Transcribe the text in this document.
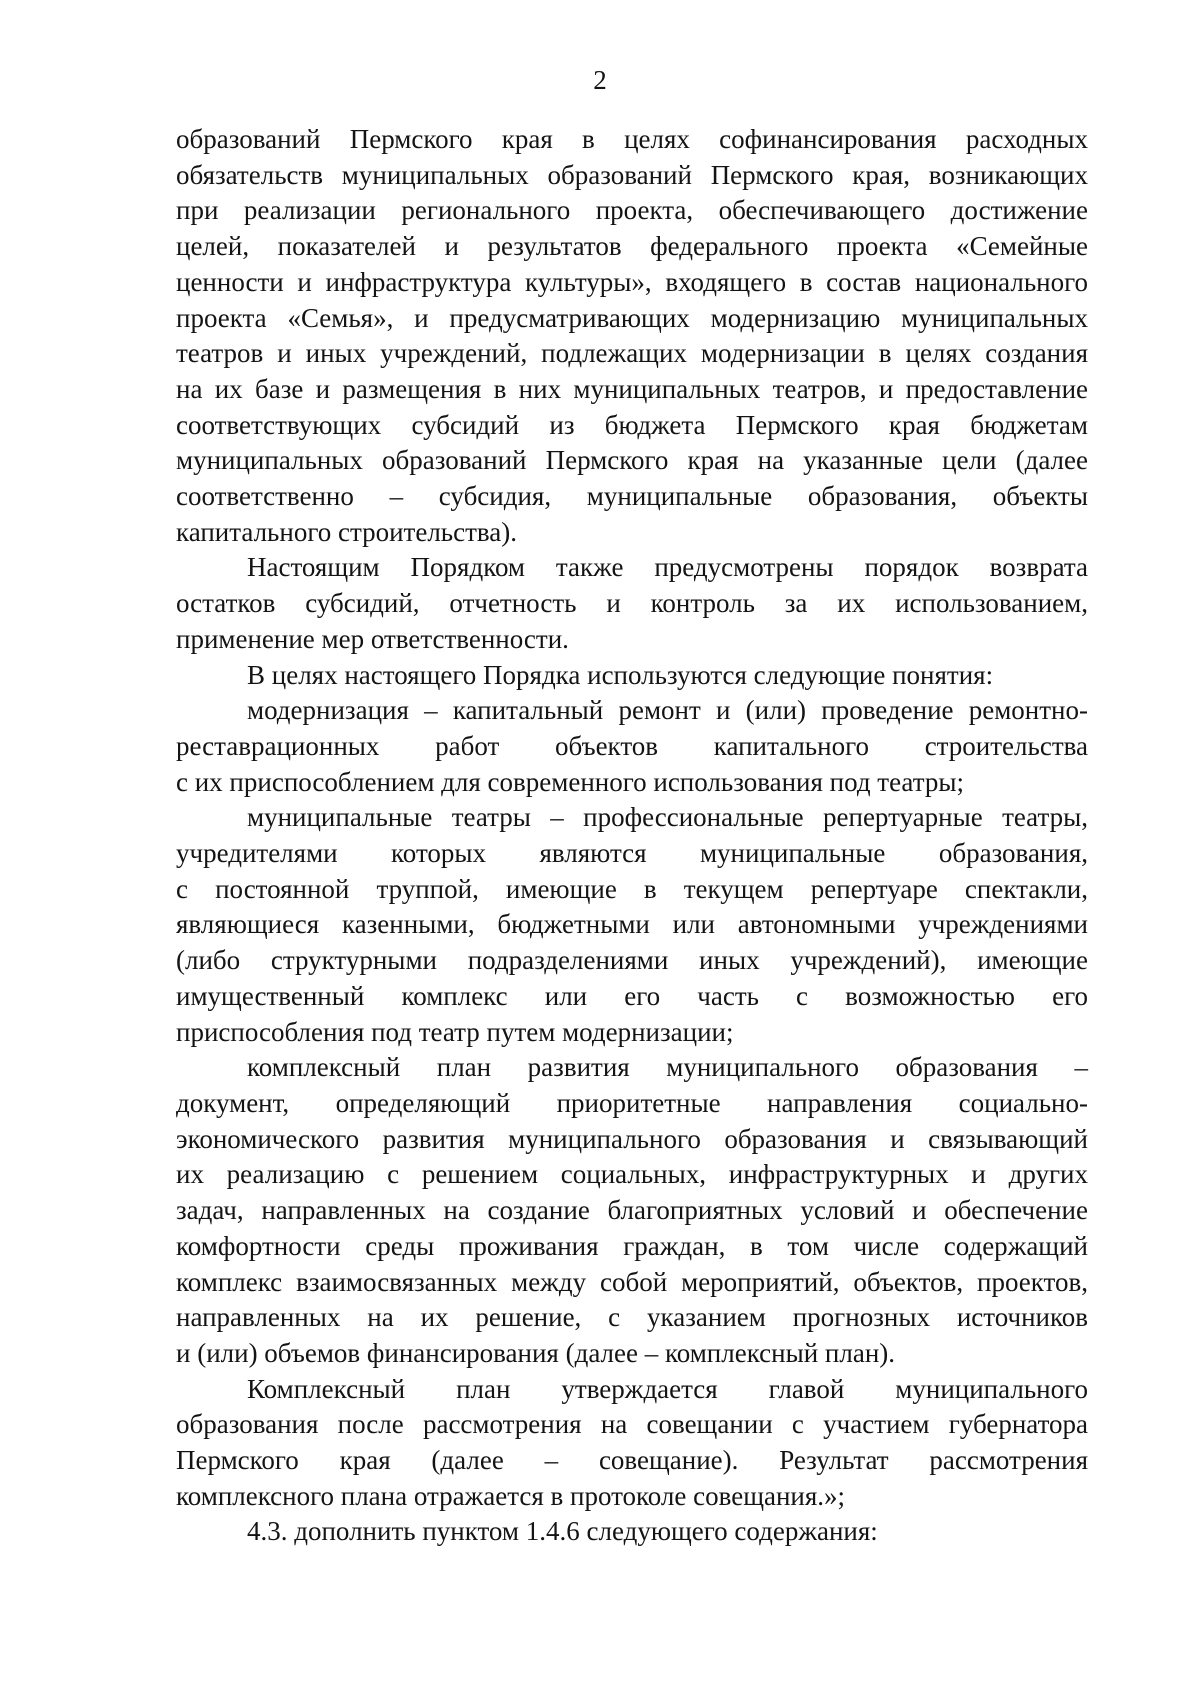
2
образований Пермского края в целях софинансирования расходных
обязательств муниципальных образований Пермского края, возникающих
при реализации регионального проекта, обеспечивающего достижение
целей, показателей и результатов федерального проекта «Семейные
ценности и инфраструктура культуры», входящего в состав национального
проекта «Семья», и предусматривающих модернизацию муниципальных
театров и иных учреждений, подлежащих модернизации в целях создания
на их базе и размещения в них муниципальных театров, и предоставление
соответствующих субсидий из бюджета Пермского края бюджетам
муниципальных образований Пермского края на указанные цели (далее
соответственно – субсидия, муниципальные образования, объекты
капитального строительства).
Настоящим Порядком также предусмотрены порядок возврата
остатков субсидий, отчетность и контроль за их использованием,
применение мер ответственности.
В целях настоящего Порядка используются следующие понятия:
модернизация – капитальный ремонт и (или) проведение ремонтно-
реставрационных работ объектов капитального строительства
с их приспособлением для современного использования под театры;
муниципальные театры – профессиональные репертуарные театры,
учредителями которых являются муниципальные образования,
с постоянной труппой, имеющие в текущем репертуаре спектакли,
являющиеся казенными, бюджетными или автономными учреждениями
(либо структурными подразделениями иных учреждений), имеющие
имущественный комплекс или его часть с возможностью его
приспособления под театр путем модернизации;
комплексный план развития муниципального образования –
документ, определяющий приоритетные направления социально-
экономического развития муниципального образования и связывающий
их реализацию с решением социальных, инфраструктурных и других
задач, направленных на создание благоприятных условий и обеспечение
комфортности среды проживания граждан, в том числе содержащий
комплекс взаимосвязанных между собой мероприятий, объектов, проектов,
направленных на их решение, с указанием прогнозных источников
и (или) объемов финансирования (далее – комплексный план).
Комплексный план утверждается главой муниципального
образования после рассмотрения на совещании с участием губернатора
Пермского края (далее – совещание). Результат рассмотрения
комплексного плана отражается в протоколе совещания.»;
4.3. дополнить пунктом 1.4.6 следующего содержания:
